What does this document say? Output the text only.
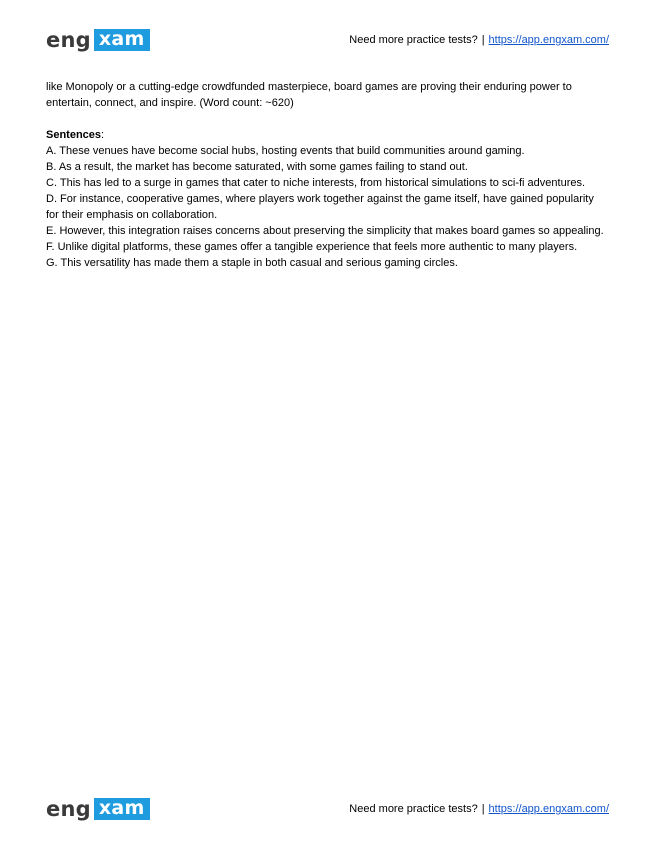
eng xam	Need more practice tests? | https://app.engxam.com/

like Monopoly or a cutting-edge crowdfunded masterpiece, board games are proving their enduring power to entertain, connect, and inspire. (Word count: ~620)

Sentences:

A. These venues have become social hubs, hosting events that build communities around gaming.

B. As a result, the market has become saturated, with some games failing to stand out.

C. This has led to a surge in games that cater to niche interests, from historical simulations to sci-fi adventures.

D. For instance, cooperative games, where players work together against the game itself, have gained popularity for their emphasis on collaboration.

E. However, this integration raises concerns about preserving the simplicity that makes board games so appealing.

F. Unlike digital platforms, these games offer a tangible experience that feels more authentic to many players.

G. This versatility has made them a staple in both casual and serious gaming circles.

eng xam	Need more practice tests? | https://app.engxam.com/
